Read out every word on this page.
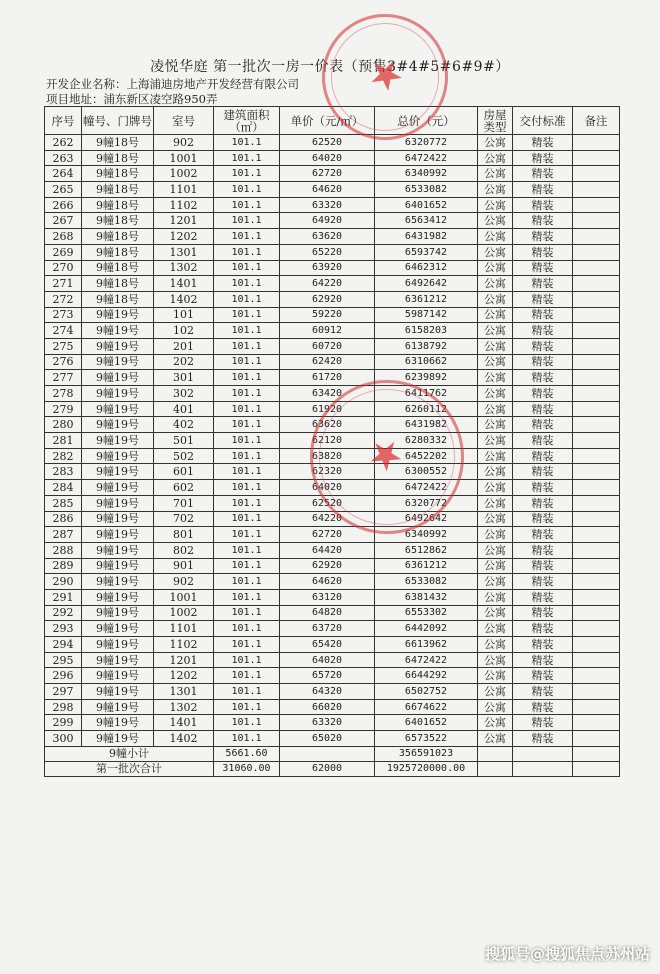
凌悦华庭 第一批次一房一价表（预售3#4#5#6#9#）
开发企业名称：上海浦迪房地产开发经营有限公司
项目地址：浦东新区凌空路950弄
序号	幢号、门牌号	室号	建筑面积（㎡）	单价（元/㎡）	总价（元）	房屋类型	交付标准	备注
262	9幢18号	902	101.1	62520	6320772	公寓	精装	
263	9幢18号	1001	101.1	64020	6472422	公寓	精装	
264	9幢18号	1002	101.1	62720	6340992	公寓	精装	
265	9幢18号	1101	101.1	64620	6533082	公寓	精装	
266	9幢18号	1102	101.1	63320	6401652	公寓	精装	
267	9幢18号	1201	101.1	64920	6563412	公寓	精装	
268	9幢18号	1202	101.1	63620	6431982	公寓	精装	
269	9幢18号	1301	101.1	65220	6593742	公寓	精装	
270	9幢18号	1302	101.1	63920	6462312	公寓	精装	
271	9幢18号	1401	101.1	64220	6492642	公寓	精装	
272	9幢18号	1402	101.1	62920	6361212	公寓	精装	
273	9幢19号	101	101.1	59220	5987142	公寓	精装	
274	9幢19号	102	101.1	60912	6158203	公寓	精装	
275	9幢19号	201	101.1	60720	6138792	公寓	精装	
276	9幢19号	202	101.1	62420	6310662	公寓	精装	
277	9幢19号	301	101.1	61720	6239892	公寓	精装	
278	9幢19号	302	101.1	63420	6411762	公寓	精装	
279	9幢19号	401	101.1	61920	6260112	公寓	精装	
280	9幢19号	402	101.1	63620	6431982	公寓	精装	
281	9幢19号	501	101.1	62120	6280332	公寓	精装	
282	9幢19号	502	101.1	63820	6452202	公寓	精装	
283	9幢19号	601	101.1	62320	6300552	公寓	精装	
284	9幢19号	602	101.1	64020	6472422	公寓	精装	
285	9幢19号	701	101.1	62520	6320772	公寓	精装	
286	9幢19号	702	101.1	64220	6492642	公寓	精装	
287	9幢19号	801	101.1	62720	6340992	公寓	精装	
288	9幢19号	802	101.1	64420	6512862	公寓	精装	
289	9幢19号	901	101.1	62920	6361212	公寓	精装	
290	9幢19号	902	101.1	64620	6533082	公寓	精装	
291	9幢19号	1001	101.1	63120	6381432	公寓	精装	
292	9幢19号	1002	101.1	64820	6553302	公寓	精装	
293	9幢19号	1101	101.1	63720	6442092	公寓	精装	
294	9幢19号	1102	101.1	65420	6613962	公寓	精装	
295	9幢19号	1201	101.1	64020	6472422	公寓	精装	
296	9幢19号	1202	101.1	65720	6644292	公寓	精装	
297	9幢19号	1301	101.1	64320	6502752	公寓	精装	
298	9幢19号	1302	101.1	66020	6674622	公寓	精装	
299	9幢19号	1401	101.1	63320	6401652	公寓	精装	
300	9幢19号	1402	101.1	65020	6573522	公寓	精装	
9幢小计			5661.60		356591023			
第一批次合计			31060.00	62000	1925720000.00			
★
★
搜狐号@搜狐焦点苏州站
